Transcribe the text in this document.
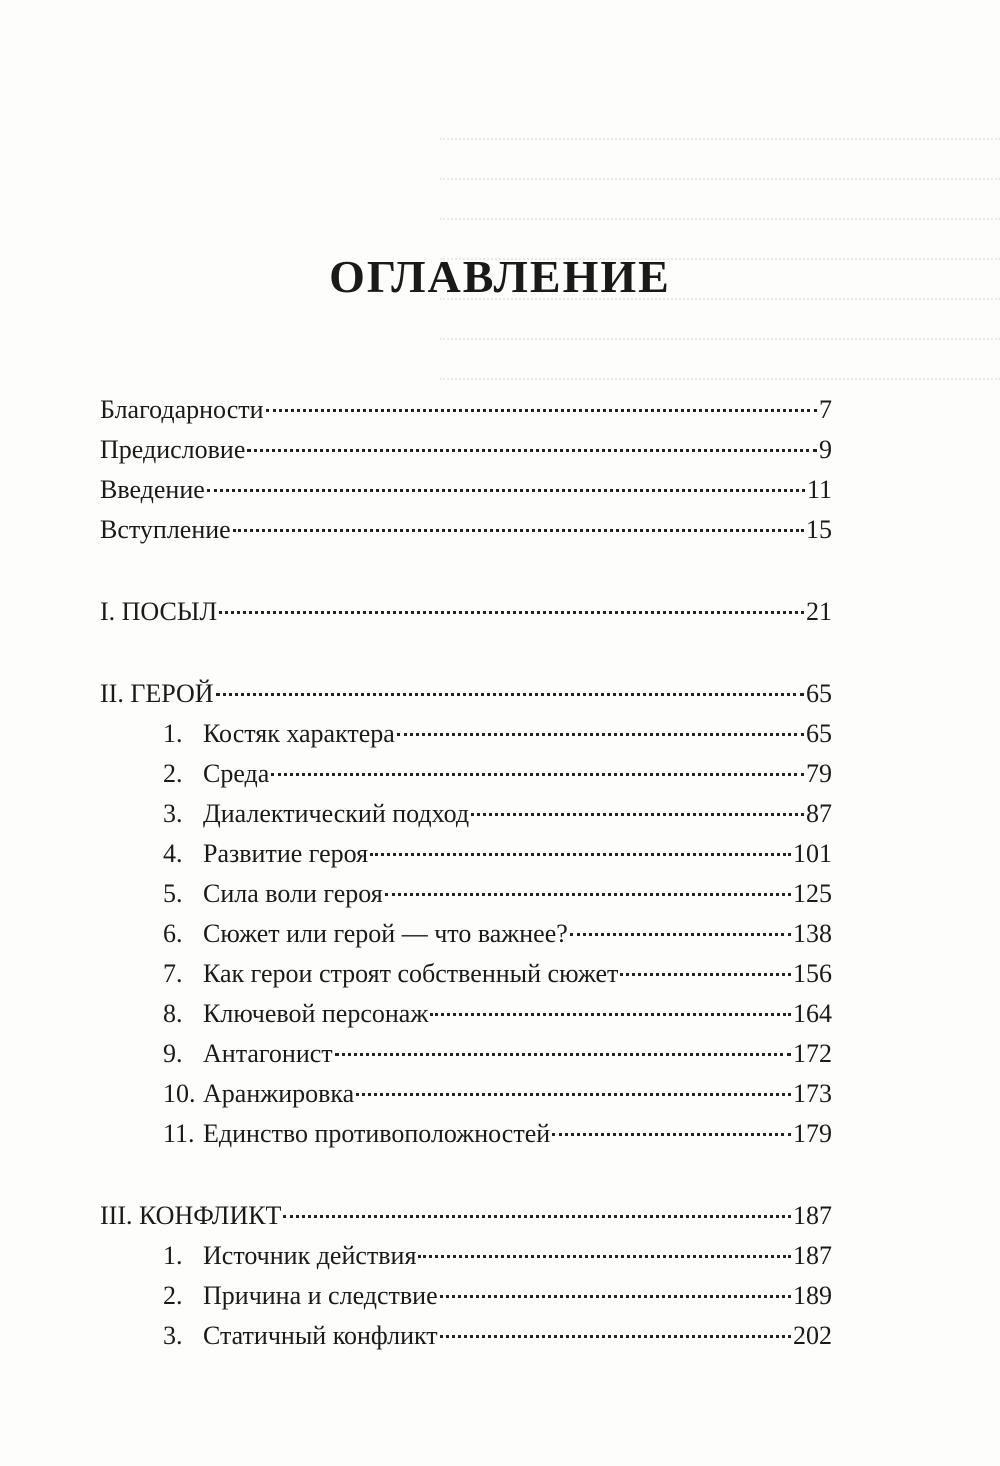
ОГЛАВЛЕНИЕ
Благодарности	7
Предисловие	9
Введение	11
Вступление	15
I. ПОСЫЛ	21
II. ГЕРОЙ	65
1. Костяк характера	65
2. Среда	79
3. Диалектический подход	87
4. Развитие героя	101
5. Сила воли героя	125
6. Сюжет или герой — что важнее?	138
7. Как герои строят собственный сюжет	156
8. Ключевой персонаж	164
9. Антагонист	172
10. Аранжировка	173
11. Единство противоположностей	179
III. КОНФЛИКТ	187
1. Источник действия	187
2. Причина и следствие	189
3. Статичный конфликт	202
